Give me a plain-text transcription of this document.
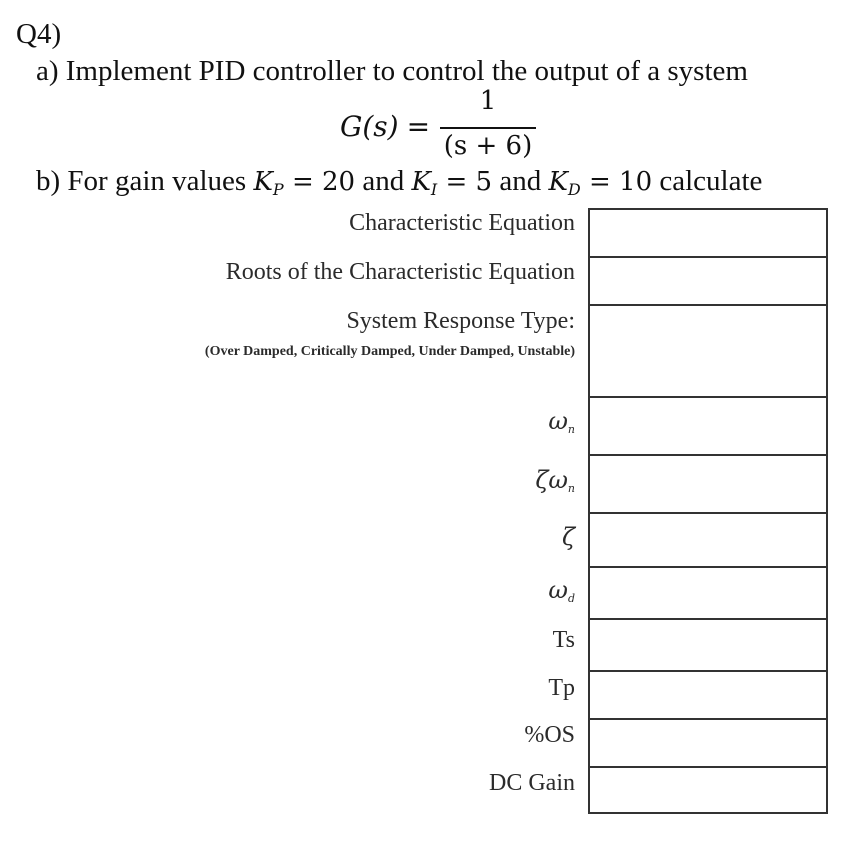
Q4)
a) Implement PID controller to control the output of a system
G(s) =
1
(s + 6)
b) For gain values $K_P = 20$ and $K_I = 5$ and $K_D = 10$ calculate
Characteristic Equation
Roots of the Characteristic Equation
System Response Type:
(Over Damped, Critically Damped, Under Damped, Unstable)
$\omega_n$
$\zeta\omega_n$
ζ
$\omega_d$
Ts
Tp
%OS
DC Gain
